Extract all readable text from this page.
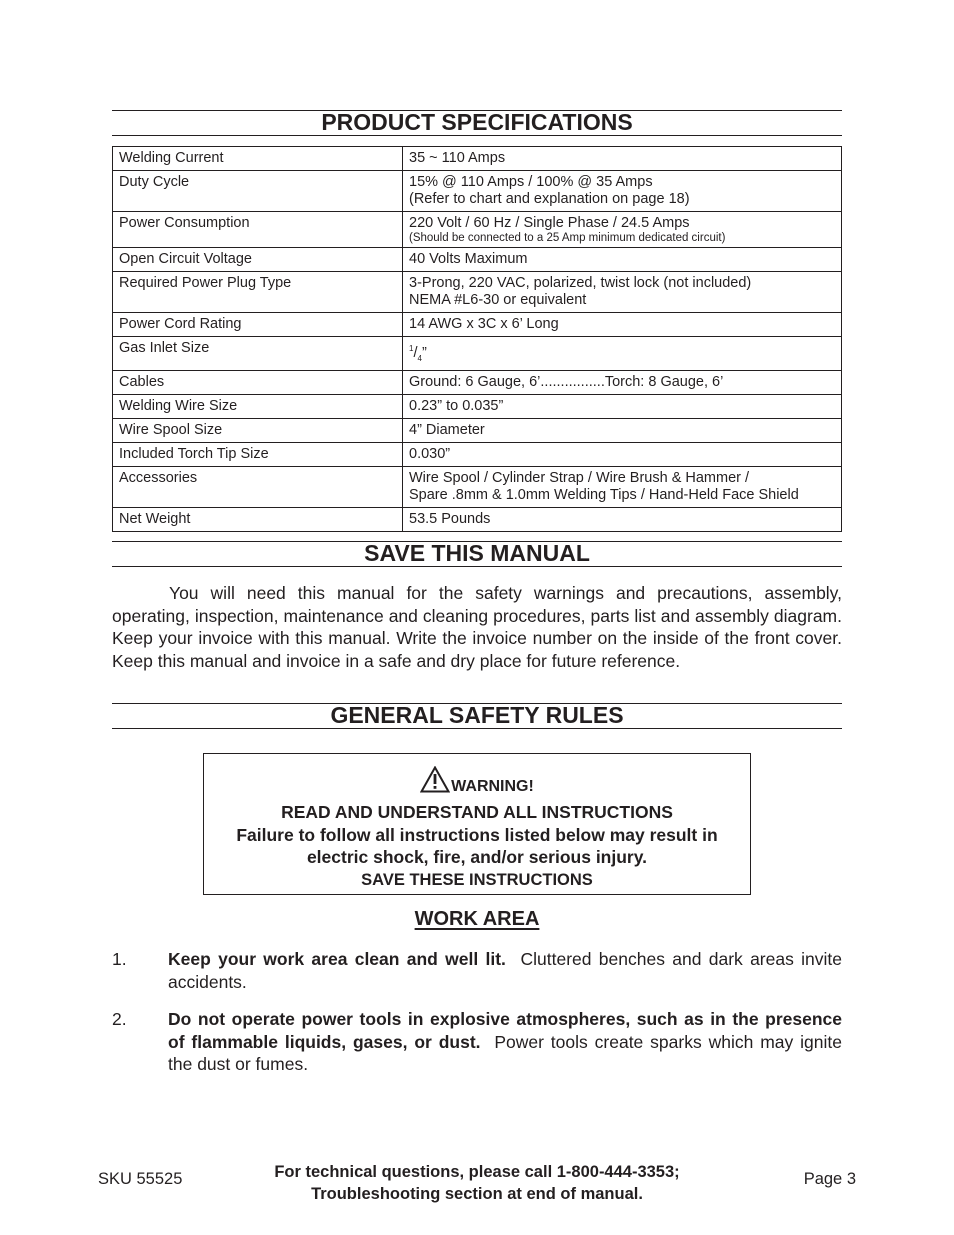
PRODUCT SPECIFICATIONS
Welding Current	35 ~ 110 Amps
Duty Cycle	15% @ 110 Amps / 100% @ 35 Amps
(Refer to chart and explanation on page 18)

Power Consumption	220 Volt / 60 Hz / Single Phase / 24.5 Amps
(Should be connected to a 25 Amp minimum dedicated circuit)

Open Circuit Voltage	40 Volts Maximum
Required Power Plug Type	3-Prong, 220 VAC, polarized, twist lock (not included)
NEMA #L6-30 or equivalent

Power Cord Rating	14 AWG x 3C x 6’ Long
Gas Inlet Size	$^1/_4$”
Cables	Ground: 6 Gauge, 6’................Torch: 8 Gauge, 6’
Welding Wire Size	0.23” to 0.035”
Wire Spool Size	4” Diameter
Included Torch Tip Size	0.030”
Accessories	Wire Spool / Cylinder Strap / Wire Brush & Hammer /
Spare .8mm & 1.0mm Welding Tips / Hand-Held Face Shield

Net Weight	53.5 Pounds
SAVE THIS MANUAL

You will need this manual for the safety warnings and precautions, assembly, operating, inspection, maintenance and cleaning procedures, parts list and assembly diagram. Keep your invoice with this manual. Write the invoice number on the inside of the front cover. Keep this manual and invoice in a safe and dry place for future reference.

GENERAL SAFETY RULES
WARNING!
READ AND UNDERSTAND ALL INSTRUCTIONS
Failure to follow all instructions listed below may result in
electric shock, fire, and/or serious injury.
SAVE THESE INSTRUCTIONS
WORK AREA
1. Keep your work area clean and well lit. Cluttered benches and dark areas invite accidents.
2. Do not operate power tools in explosive atmospheres, such as in the presence of flammable liquids, gases, or dust. Power tools create sparks which may ignite the dust or fumes.
SKU 55525	For technical questions, please call 1-800-444-3353;
Troubleshooting section at end of manual.
Page 3
